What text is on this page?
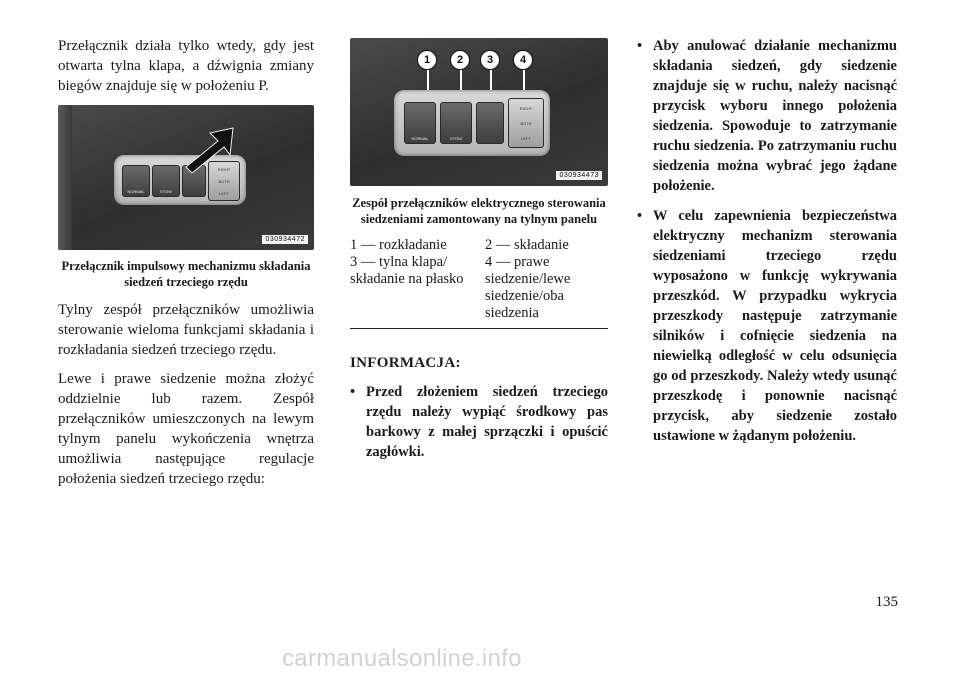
Przełącznik działa tylko wtedy, gdy jest otwarta tylna klapa, a dźwignia zmiany biegów znajduje się w położeniu P.

NORMAL	STOW
RIGHT
BOTH
LEFT
030934472
Przełącznik impulsowy mechanizmu składania siedzeń trzeciego rzędu

Tylny zespół przełączników umożliwia sterowanie wieloma funkcjami składania i rozkładania siedzeń trzeciego rzędu.

Lewe i prawe siedzenie można złożyć oddzielnie lub razem. Zespół przełączników umieszczonych na lewym tylnym panelu wykończenia wnętrza umożliwia następujące regulacje położenia siedzeń trzeciego rzędu:

1	2	3	4
NORMAL	STOW
RIGHT
BOTH
LEFT
030934473
Zespół przełączników elektrycznego sterowania siedzeniami zamontowany na tylnym panelu
1 — rozkładanie	2 — składanie
3 — tylna klapa/ składanie na płasko
4 — prawe siedzenie/lewe siedzenie/oba siedzenia
INFORMACJA:
• Przed złożeniem siedzeń trzeciego rzędu należy wypiąć środkowy pas barkowy z małej sprzączki i opuścić zagłówki.
• Aby anulować działanie mechanizmu składania siedzeń, gdy siedzenie znajduje się w ruchu, należy nacisnąć przycisk wyboru innego położenia siedzenia. Spowoduje to zatrzymanie ruchu siedzenia. Po zatrzymaniu ruchu siedzenia można wybrać jego żądane położenie.
• W celu zapewnienia bezpieczeństwa elektryczny mechanizm sterowania siedzeniami trzeciego rzędu wyposażono w funkcję wykrywania przeszkód. W przypadku wykrycia przeszkody następuje zatrzymanie silników i cofnięcie siedzenia na niewielką odległość w celu odsunięcia go od przeszkody. Należy wtedy usunąć przeszkodę i ponownie nacisnąć przycisk, aby siedzenie zostało ustawione w żądanym położeniu.
135
carmanualsonline.info
